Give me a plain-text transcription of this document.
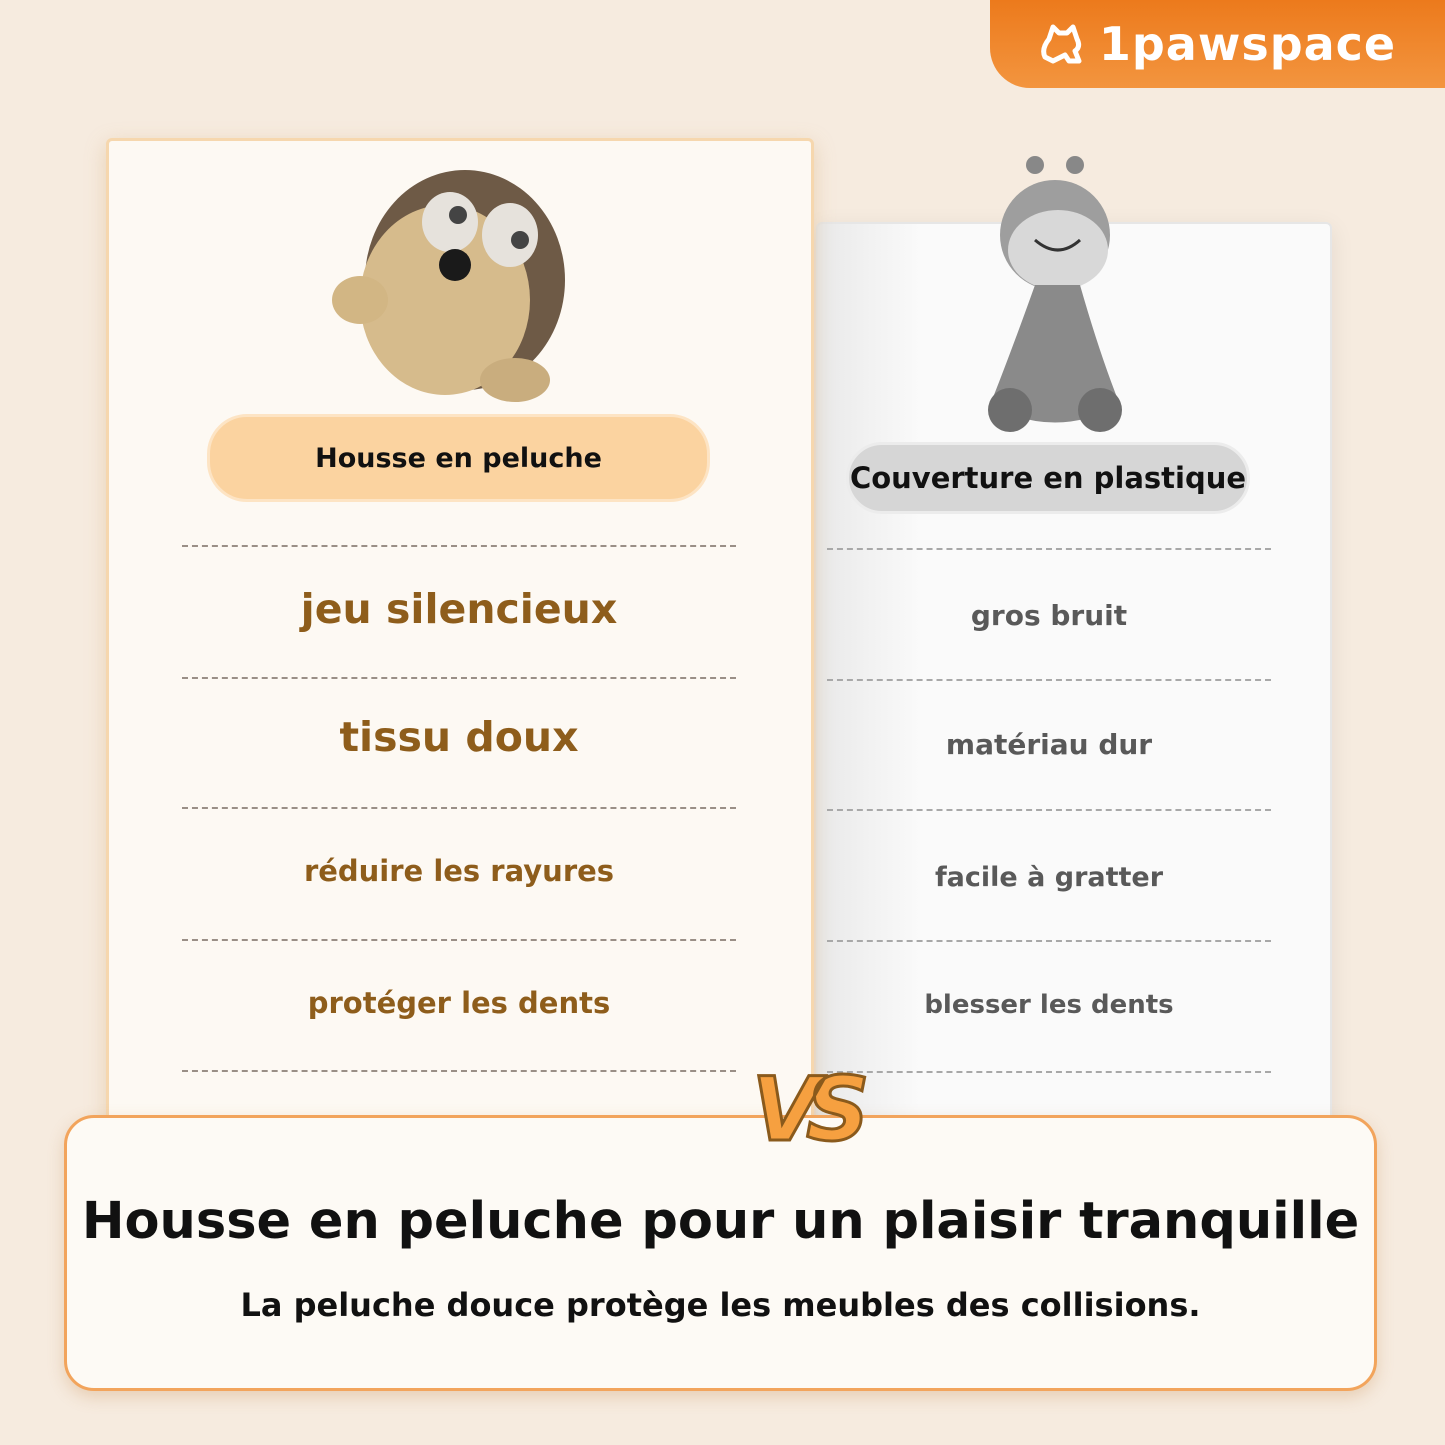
1pawspace
Housse en peluche
Couverture en plastique
jeu silencieux
tissu doux
réduire les rayures
protéger les dents
gros bruit
matériau dur
facile à gratter
blesser les dents
Housse en peluche pour un plaisir tranquille
La peluche douce protège les meubles des collisions.
VS
